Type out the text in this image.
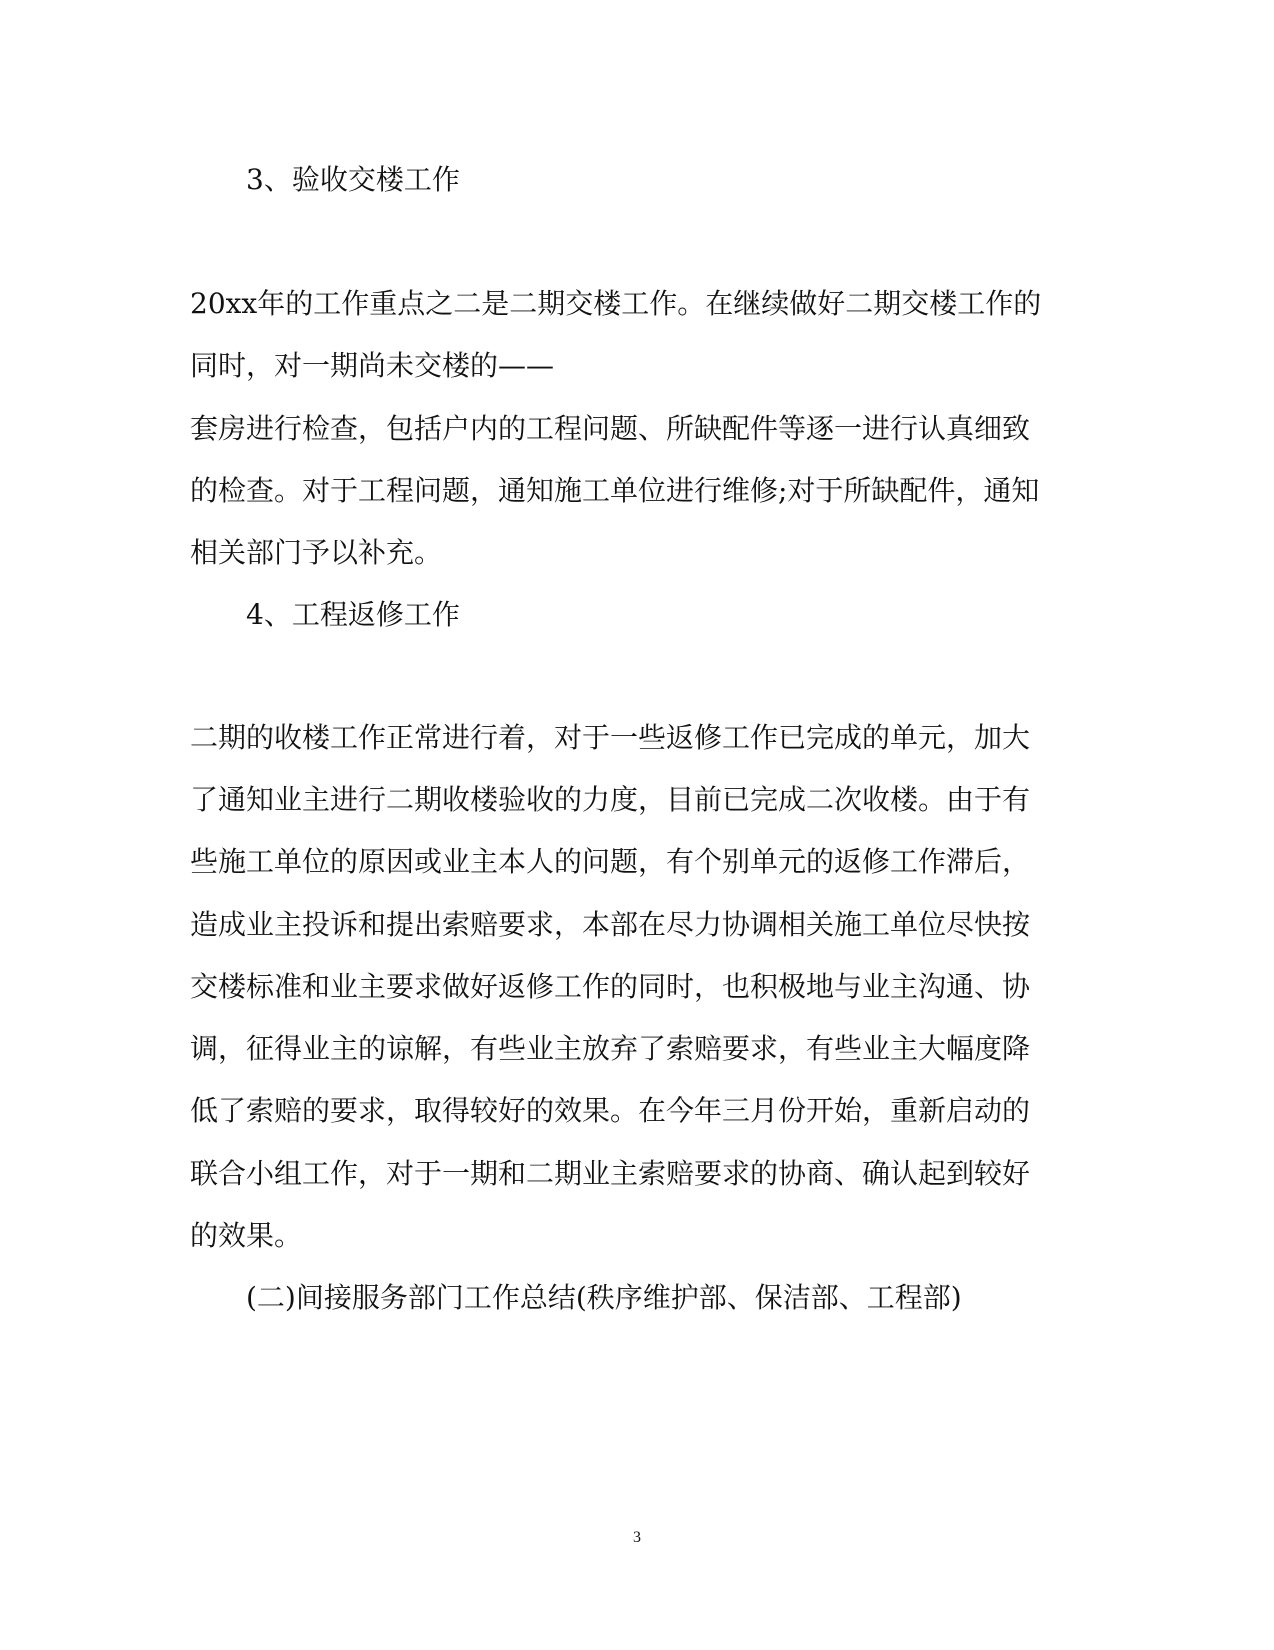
3、验收交楼工作
20xx年的工作重点之二是二期交楼工作。在继续做好二期交楼工作的
同时，对一期尚未交楼的——
套房进行检查，包括户内的工程问题、所缺配件等逐一进行认真细致
的检查。对于工程问题，通知施工单位进行维修;对于所缺配件，通知
相关部门予以补充。
4、工程返修工作
二期的收楼工作正常进行着，对于一些返修工作已完成的单元，加大
了通知业主进行二期收楼验收的力度，目前已完成二次收楼。由于有
些施工单位的原因或业主本人的问题，有个别单元的返修工作滞后，
造成业主投诉和提出索赔要求，本部在尽力协调相关施工单位尽快按
交楼标准和业主要求做好返修工作的同时，也积极地与业主沟通、协
调，征得业主的谅解，有些业主放弃了索赔要求，有些业主大幅度降
低了索赔的要求，取得较好的效果。在今年三月份开始，重新启动的
联合小组工作，对于一期和二期业主索赔要求的协商、确认起到较好
的效果。
(二)间接服务部门工作总结(秩序维护部、保洁部、工程部)
3
